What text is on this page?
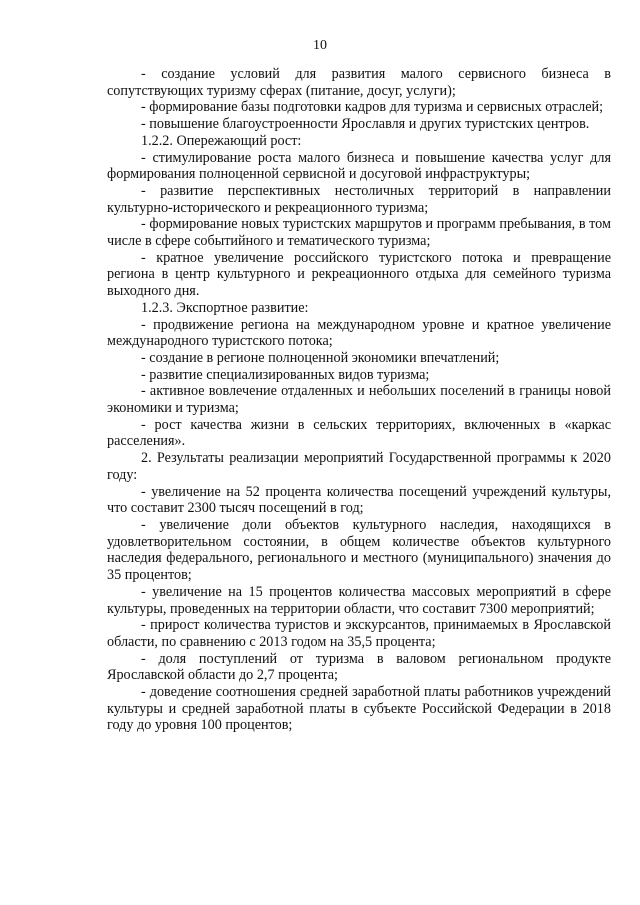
10

- создание условий для развития малого сервисного бизнеса в сопутствующих туризму сферах (питание, досуг, услуги);

- формирование базы подготовки кадров для туризма и сервисных отраслей;

- повышение благоустроенности Ярославля и других туристских центров.

1.2.2. Опережающий рост:

- стимулирование роста малого бизнеса и повышение качества услуг для формирования полноценной сервисной и досуговой инфраструктуры;

- развитие перспективных нестоличных территорий в направлении культурно-исторического и рекреационного туризма;

- формирование новых туристских маршрутов и программ пребывания, в том числе в сфере событийного и тематического туризма;

- кратное увеличение российского туристского потока и превращение региона в центр культурного и рекреационного отдыха для семейного туризма выходного дня.

1.2.3. Экспортное развитие:

- продвижение региона на международном уровне и кратное увеличение международного туристского потока;

- создание в регионе полноценной экономики впечатлений;

- развитие специализированных видов туризма;

- активное вовлечение отдаленных и небольших поселений в границы новой экономики и туризма;

- рост качества жизни в сельских территориях, включенных в «каркас расселения».

2. Результаты реализации мероприятий Государственной программы к 2020 году:

- увеличение на 52 процента количества посещений учреждений культуры, что составит 2300 тысяч посещений в год;

- увеличение доли объектов культурного наследия, находящихся в удовлетворительном состоянии, в общем количестве объектов культурного наследия федерального, регионального и местного (муниципального) значения до 35 процентов;

- увеличение на 15 процентов количества массовых мероприятий в сфере культуры, проведенных на территории области, что составит 7300 мероприятий;

- прирост количества туристов и экскурсантов, принимаемых в Ярославской области, по сравнению с 2013 годом на 35,5 процента;

- доля поступлений от туризма в валовом региональном продукте Ярославской области до 2,7 процента;

- доведение соотношения средней заработной платы работников учреждений культуры и средней заработной платы в субъекте Российской Федерации в 2018 году до уровня 100 процентов;
